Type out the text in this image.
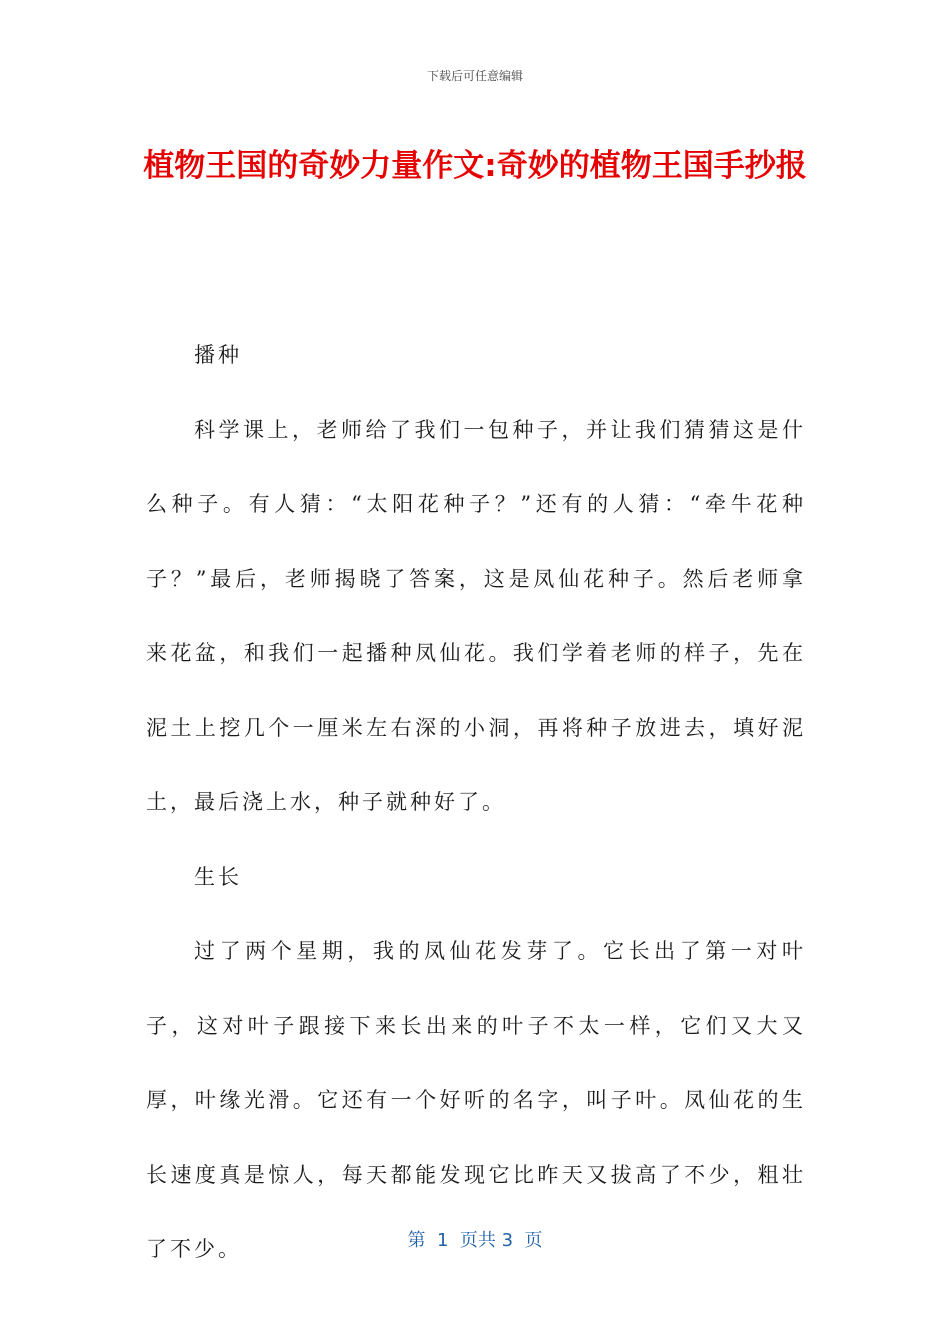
下载后可任意编辑
植物王国的奇妙力量作文:奇妙的植物王国手抄报

播种

科学课上，老师给了我们一包种子，并让我们猜猜这是什么种子。有人猜：“太阳花种子？”还有的人猜：“牵牛花种子？”最后，老师揭晓了答案，这是凤仙花种子。然后老师拿来花盆，和我们一起播种凤仙花。我们学着老师的样子，先在泥土上挖几个一厘米左右深的小洞，再将种子放进去，填好泥土，最后浇上水，种子就种好了。

生长

过了两个星期，我的凤仙花发芽了。它长出了第一对叶子，这对叶子跟接下来长出来的叶子不太一样，它们又大又厚，叶缘光滑。它还有一个好听的名字，叫子叶。凤仙花的生长速度真是惊人，每天都能发现它比昨天又拔高了不少，粗壮了不少。	第  1  页共 3  页
